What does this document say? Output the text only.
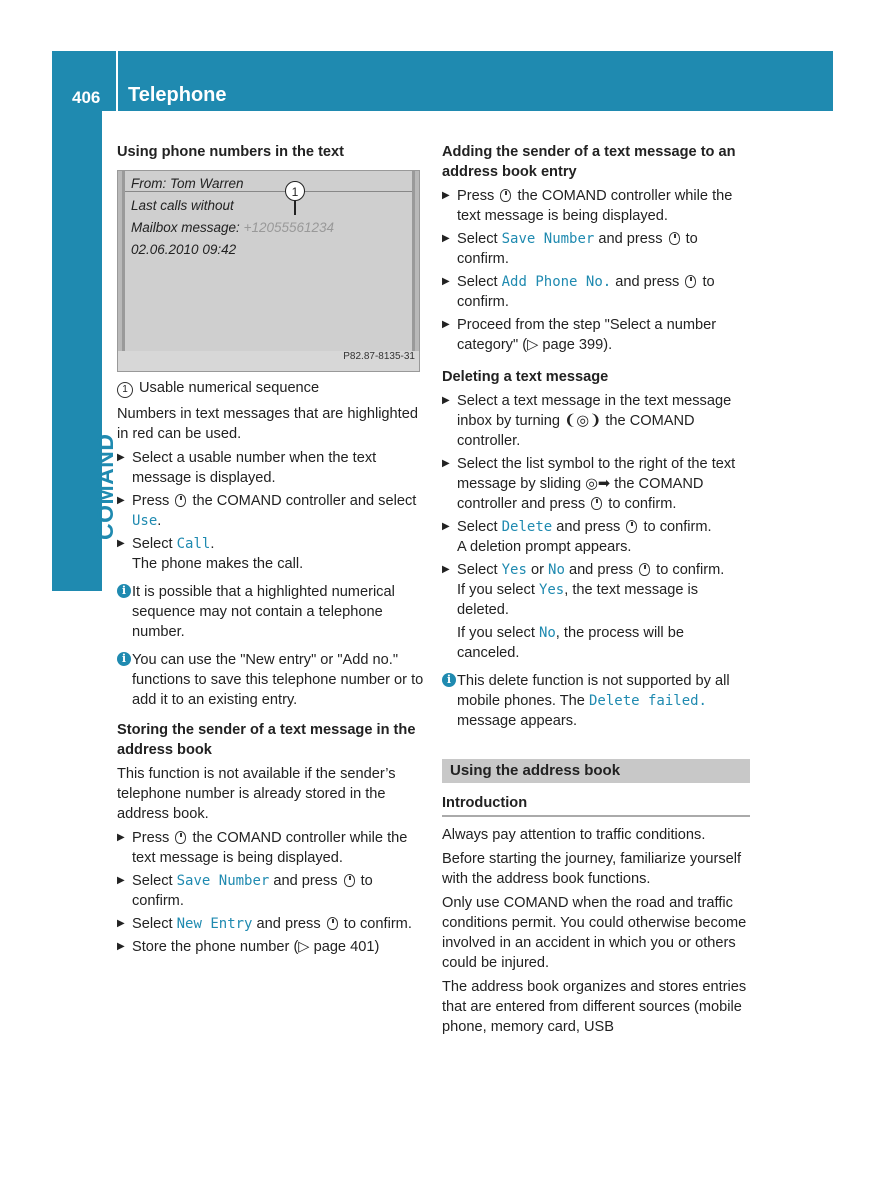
406 Telephone
COMAND
Using phone numbers in the text
From: Tom Warren
Last calls without
Mailbox message: +12055561234
02.06.2010 09:42
1
P82.87-8135-31

1 Usable numerical sequence

Numbers in text messages that are highlighted in red can be used.

▶ Select a usable number when the text message is displayed.
▶ Press the COMAND controller and select Use.
▶ Select Call.
The phone makes the call.
i It is possible that a highlighted numerical sequence may not contain a telephone number.
i You can use the "New entry" or "Add no." functions to save this telephone number or to add it to an existing entry.
Storing the sender of a text message in the address book

This function is not available if the sender’s telephone number is already stored in the address book.

▶ Press the COMAND controller while the text message is being displayed.
▶ Select Save Number and press to confirm.
▶ Select New Entry and press to confirm.
▶ Store the phone number (▷ page 401)
Adding the sender of a text message to an address book entry
▶ Press the COMAND controller while the text message is being displayed.
▶ Select Save Number and press to confirm.
▶ Select Add Phone No. and press to confirm.
▶ Proceed from the step "Select a number category" (▷ page 399).
Deleting a text message
▶ Select a text message in the text message inbox by turning ❨◎❩ the COMAND controller.
▶ Select the list symbol to the right of the text message by sliding ◎➡ the COMAND controller and press to confirm.
▶ Select Delete and press to confirm.
A deletion prompt appears.
▶ Select Yes or No and press to confirm.
If you select Yes, the text message is deleted.
If you select No, the process will be canceled.
i This delete function is not supported by all mobile phones. The Delete failed. message appears.
Using the address book
Introduction

Always pay attention to traffic conditions.

Before starting the journey, familiarize yourself with the address book functions.

Only use COMAND when the road and traffic conditions permit. You could otherwise become involved in an accident in which you or others could be injured.

The address book organizes and stores entries that are entered from different sources (mobile phone, memory card, USB
